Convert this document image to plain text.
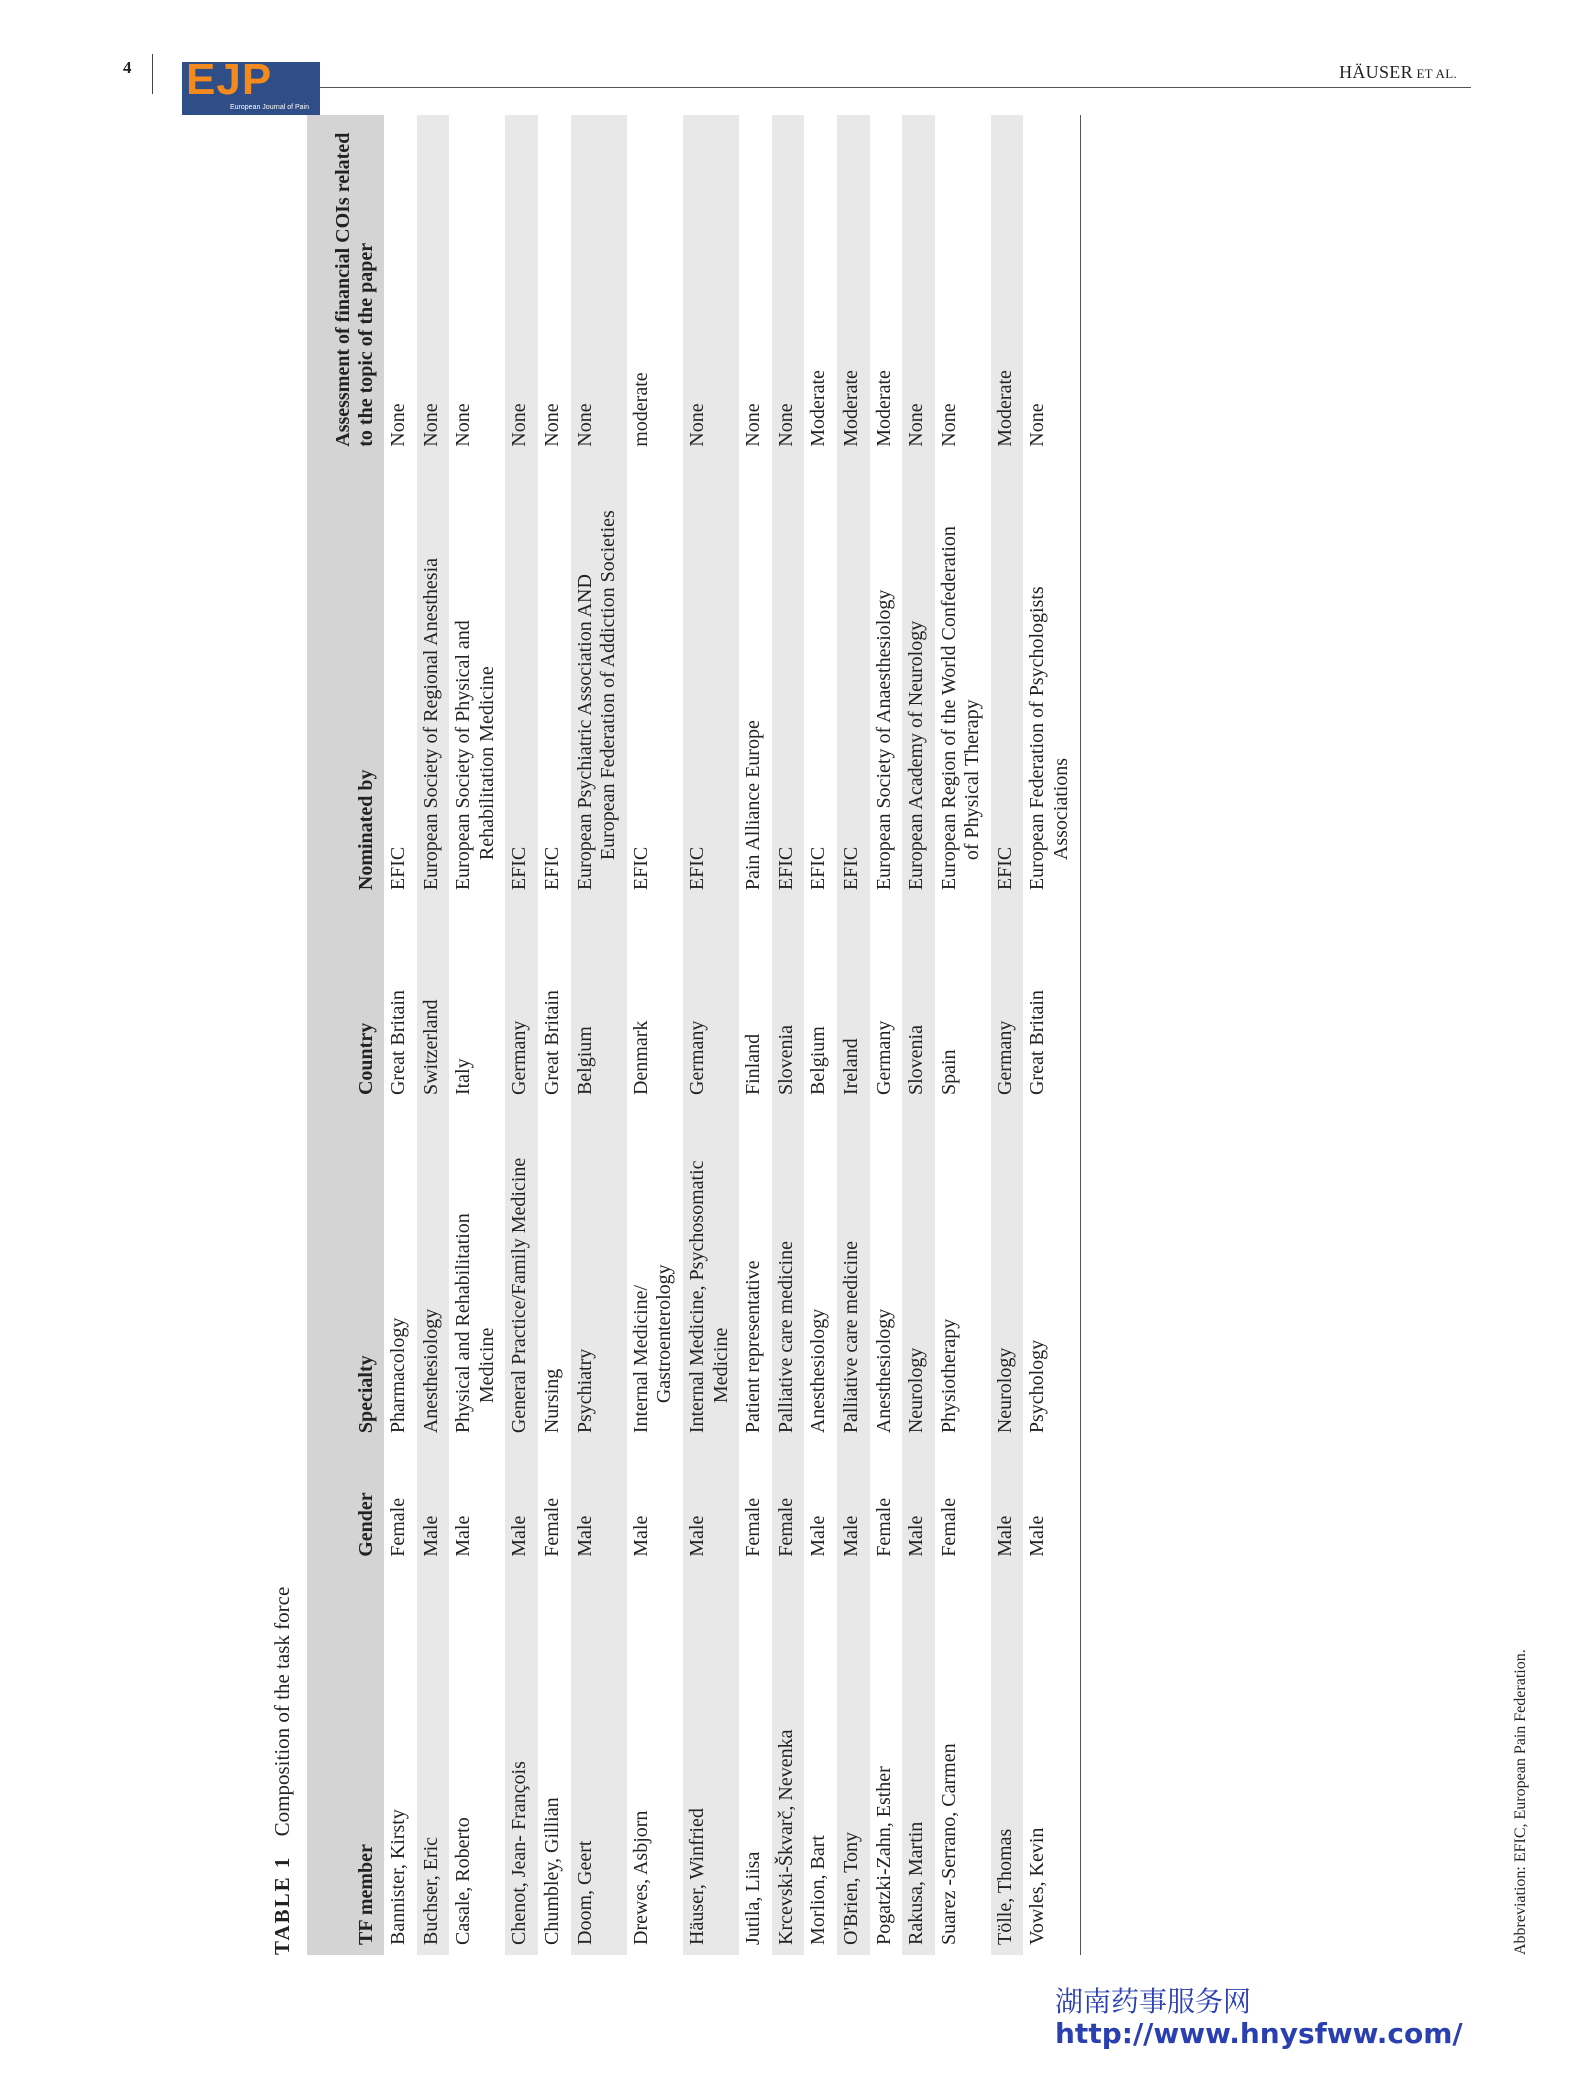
4 EJP
European Journal of Pain
HÄUSER ET AL.
TABLE 1 Composition of the task force
TF member	Gender	Specialty	Country	Nominated by	Assessment of financial COIs related to the topic of the paper
Bannister, Kirsty	Female	Pharmacology	Great Britain	EFIC	None
Buchser, Eric	Male	Anesthesiology	Switzerland	European Society of Regional Anesthesia	None
Casale, Roberto	Male	Physical and Rehabilitation Medicine	Italy	European Society of Physical and Rehabilitation Medicine	None
Chenot, Jean- François	Male	General Practice/Family Medicine	Germany	EFIC	None
Chumbley, Gillian	Female	Nursing	Great Britain	EFIC	None
Doom, Geert	Male	Psychiatry	Belgium	European Psychiatric Association AND European Federation of Addiction Societies	None
Drewes, Asbjorn	Male	Internal Medicine/ Gastroenterology	Denmark	EFIC	moderate
Häuser, Winfried	Male	Internal Medicine, Psychosomatic Medicine	Germany	EFIC	None
Jutila, Liisa	Female	Patient representative	Finland	Pain Alliance Europe	None
Krcevski-Škvarč, Nevenka	Female	Palliative care medicine	Slovenia	EFIC	None
Morlion, Bart	Male	Anesthesiology	Belgium	EFIC	Moderate
O'Brien, Tony	Male	Palliative care medicine	Ireland	EFIC	Moderate
Pogatzki-Zahn, Esther	Female	Anesthesiology	Germany	European Society of Anaesthesiology	Moderate
Rakusa, Martin	Male	Neurology	Slovenia	European Academy of Neurology	None
Suarez -Serrano, Carmen	Female	Physiotherapy	Spain	European Region of the World Confederation of Physical Therapy	None
Tölle, Thomas	Male	Neurology	Germany	EFIC	Moderate
Vowles, Kevin	Male	Psychology	Great Britain	European Federation of Psychologists Associations	None
Abbreviation: EFIC, European Pain Federation.
湖南药事服务网
http://www.hnysfww.com/
